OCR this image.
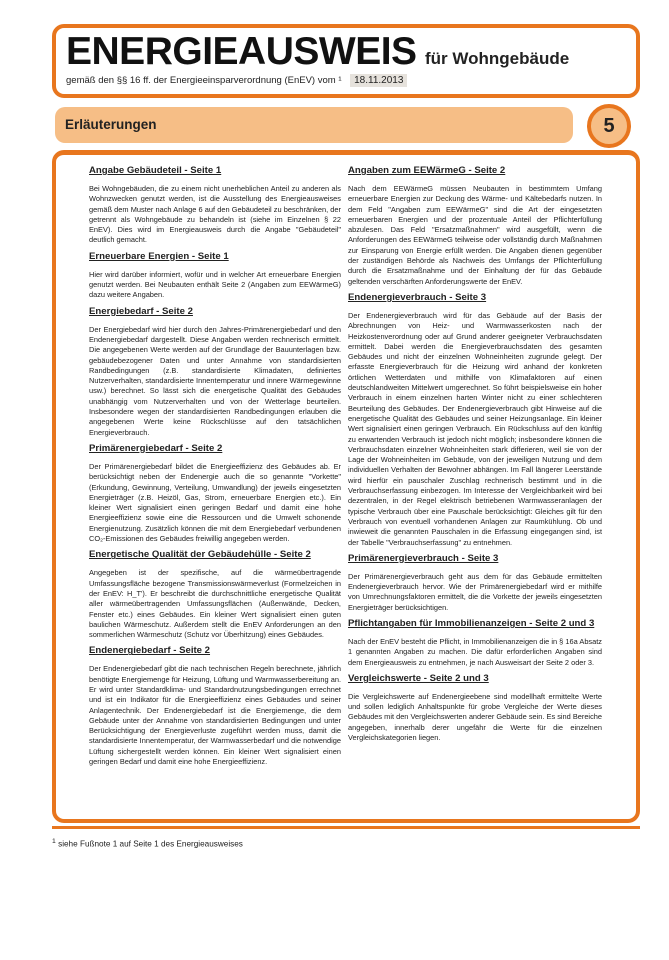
ENERGIEAUSWEIS für Wohngebäude
gemäß den §§ 16 ff. der Energieeinsparverordnung (EnEV) vom ¹ 18.11.2013
Erläuterungen	5
Angabe Gebäudeteil - Seite 1

Bei Wohngebäuden, die zu einem nicht unerheblichen Anteil zu anderen als Wohnzwecken genutzt werden, ist die Ausstellung des Energieausweises gemäß dem Muster nach Anlage 6 auf den Gebäudeteil zu beschränken, der getrennt als Wohngebäude zu behandeln ist (siehe im Einzelnen § 22 EnEV). Dies wird im Energieausweis durch die Angabe "Gebäudeteil" deutlich gemacht.

Erneuerbare Energien - Seite 1

Hier wird darüber informiert, wofür und in welcher Art erneuerbare Energien genutzt werden. Bei Neubauten enthält Seite 2 (Angaben zum EEWärmeG) dazu weitere Angaben.

Energiebedarf - Seite 2

Der Energiebedarf wird hier durch den Jahres-Primärenergiebedarf und den Endenergiebedarf dargestellt. Diese Angaben werden rechnerisch ermittelt. Die angegebenen Werte werden auf der Grundlage der Bauunterlagen bzw. gebäudebezogener Daten und unter Annahme von standardisierten Randbedingungen (z.B. standardisierte Klimadaten, definiertes Nutzerverhalten, standardisierte Innentemperatur und innere Wärmegewinne usw.) berechnet. So lässt sich die energetische Qualität des Gebäudes unabhängig vom Nutzerverhalten und von der Wetterlage beurteilen. Insbesondere wegen der standardisierten Randbedingungen erlauben die angegebenen Werte keine Rückschlüsse auf den tatsächlichen Energieverbrauch.

Primärenergiebedarf - Seite 2

Der Primärenergiebedarf bildet die Energieeffizienz des Gebäudes ab. Er berücksichtigt neben der Endenergie auch die so genannte "Vorkette" (Erkundung, Gewinnung, Verteilung, Umwandlung) der jeweils eingesetzten Energieträger (z.B. Heizöl, Gas, Strom, erneuerbare Energien etc.). Ein kleiner Wert signalisiert einen geringen Bedarf und damit eine hohe Energieeffizienz sowie eine die Ressourcen und die Umwelt schonende Energienutzung. Zusätzlich können die mit dem Energiebedarf verbundenen CO₂-Emissionen des Gebäudes freiwillig angegeben werden.

Energetische Qualität der Gebäudehülle - Seite 2

Angegeben ist der spezifische, auf die wärmeübertragende Umfassungsfläche bezogene Transmissionswärmeverlust (Formelzeichen in der EnEV: H_T'). Er beschreibt die durchschnittliche energetische Qualität aller wärmeübertragenden Umfassungsflächen (Außenwände, Decken, Fenster etc.) eines Gebäudes. Ein kleiner Wert signalisiert einen guten baulichen Wärmeschutz. Außerdem stellt die EnEV Anforderungen an den sommerlichen Wärmeschutz (Schutz vor Überhitzung) eines Gebäudes.

Endenergiebedarf - Seite 2

Der Endenergiebedarf gibt die nach technischen Regeln berechnete, jährlich benötigte Energiemenge für Heizung, Lüftung und Warmwasserbereitung an. Er wird unter Standardklima- und Standardnutzungsbedingungen errechnet und ist ein Indikator für die Energieeffizienz eines Gebäudes und seiner Anlagentechnik. Der Endenergiebedarf ist die Energiemenge, die dem Gebäude unter der Annahme von standardisierten Bedingungen und unter Berücksichtigung der Energieverluste zugeführt werden muss, damit die standardisierte Innentemperatur, der Warmwasserbedarf und die notwendige Lüftung sichergestellt werden können. Ein kleiner Wert signalisiert einen geringen Bedarf und damit eine hohe Energieeffizienz.

Angaben zum EEWärmeG - Seite 2

Nach dem EEWärmeG müssen Neubauten in bestimmtem Umfang erneuerbare Energien zur Deckung des Wärme- und Kältebedarfs nutzen. In dem Feld "Angaben zum EEWärmeG" sind die Art der eingesetzten erneuerbaren Energien und der prozentuale Anteil der Pflichterfüllung abzulesen. Das Feld "Ersatzmaßnahmen" wird ausgefüllt, wenn die Anforderungen des EEWärmeG teilweise oder vollständig durch Maßnahmen zur Einsparung von Energie erfüllt werden. Die Angaben dienen gegenüber der zuständigen Behörde als Nachweis des Umfangs der Pflichterfüllung durch die Ersatzmaßnahme und der Einhaltung der für das Gebäude geltenden verschärften Anforderungswerte der EnEV.

Endenergieverbrauch - Seite 3

Der Endenergieverbrauch wird für das Gebäude auf der Basis der Abrechnungen von Heiz- und Warmwasserkosten nach der Heizkostenverordnung oder auf Grund anderer geeigneter Verbrauchsdaten ermittelt. Dabei werden die Energieverbrauchsdaten des gesamten Gebäudes und nicht der einzelnen Wohneinheiten zugrunde gelegt. Der erfasste Energieverbrauch für die Heizung wird anhand der konkreten örtlichen Wetterdaten und mithilfe von Klimafaktoren auf einen deutschlandweiten Mittelwert umgerechnet. So führt beispielsweise ein hoher Verbrauch in einem einzelnen harten Winter nicht zu einer schlechteren Beurteilung des Gebäudes. Der Endenergieverbrauch gibt Hinweise auf die energetische Qualität des Gebäudes und seiner Heizungsanlage. Ein kleiner Wert signalisiert einen geringen Verbrauch. Ein Rückschluss auf den künftig zu erwartenden Verbrauch ist jedoch nicht möglich; insbesondere können die Verbrauchsdaten einzelner Wohneinheiten stark differieren, weil sie von der Lage der Wohneinheiten im Gebäude, von der jeweiligen Nutzung und dem individuellen Verhalten der Bewohner abhängen. Im Fall längerer Leerstände wird hierfür ein pauschaler Zuschlag rechnerisch bestimmt und in die Verbrauchserfassung einbezogen. Im Interesse der Vergleichbarkeit wird bei dezentralen, in der Regel elektrisch betriebenen Warmwasseranlagen der typische Verbrauch über eine Pauschale berücksichtigt: Gleiches gilt für den Verbrauch von eventuell vorhandenen Anlagen zur Raumkühlung. Ob und inwieweit die genannten Pauschalen in die Erfassung eingegangen sind, ist der Tabelle "Verbrauchserfassung" zu entnehmen.

Primärenergieverbrauch - Seite 3

Der Primärenergieverbrauch geht aus dem für das Gebäude ermittelten Endenergieverbrauch hervor. Wie der Primärenergiebedarf wird er mithilfe von Umrechnungsfaktoren ermittelt, die die Vorkette der jeweils eingesetzten Energieträger berücksichtigen.

Pflichtangaben für Immobilienanzeigen - Seite 2 und 3

Nach der EnEV besteht die Pflicht, in Immobilienanzeigen die in § 16a Absatz 1 genannten Angaben zu machen. Die dafür erforderlichen Angaben sind dem Energieausweis zu entnehmen, je nach Ausweisart der Seite 2 oder 3.

Vergleichswerte - Seite 2 und 3

Die Vergleichswerte auf Endenergieebene sind modellhaft ermittelte Werte und sollen lediglich Anhaltspunkte für grobe Vergleiche der Werte dieses Gebäudes mit den Vergleichswerten anderer Gebäude sein. Es sind Bereiche angegeben, innerhalb derer ungefähr die Werte für die einzelnen Vergleichskategorien liegen.

$^1$ siehe Fußnote 1 auf Seite 1 des Energieausweises
